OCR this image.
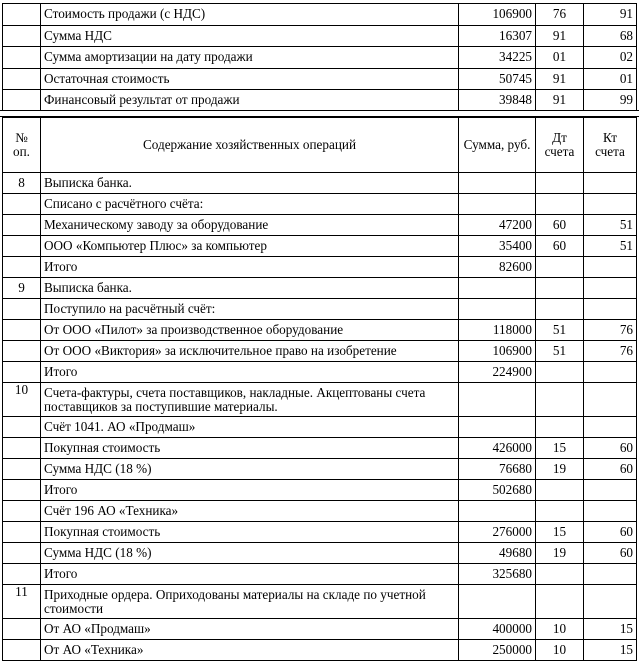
	Стоимость продажи (с НДС)	106900	76	91
	Сумма НДС	16307	91	68
	Сумма амортизации на дату продажи	34225	01	02
	Остаточная стоимость	50745	91	01
	Финансовый результат от продажи	39848	91	99
№ оп.	Содержание хозяйственных операций	Сумма, руб.	Дт счета	Кт счета
8	Выписка банка.			
	Списано с расчётного счёта:			
	Механическому заводу за оборудование	47200	60	51
	ООО «Компьютер Плюс» за компьютер	35400	60	51
	Итого	82600		
9	Выписка банка.			
	Поступило на расчётный счёт:			
	От ООО «Пилот» за производственное оборудование	118000	51	76
	От ООО «Виктория» за исключительное право на изобретение	106900	51	76
	Итого	224900		
10	Счета-фактуры, счета поставщиков, накладные. Акцептованы счета поставщиков за поступившие материалы.			
	Счёт 1041. АО «Продмаш»			
	Покупная стоимость	426000	15	60
	Сумма НДС (18 %)	76680	19	60
	Итого	502680		
	Счёт 196 АО «Техника»			
	Покупная стоимость	276000	15	60
	Сумма НДС (18 %)	49680	19	60
	Итого	325680		
11	Приходные ордера. Оприходованы материалы на складе по учетной стоимости			
	От АО «Продмаш»	400000	10	15
	От АО «Техника»	250000	10	15
